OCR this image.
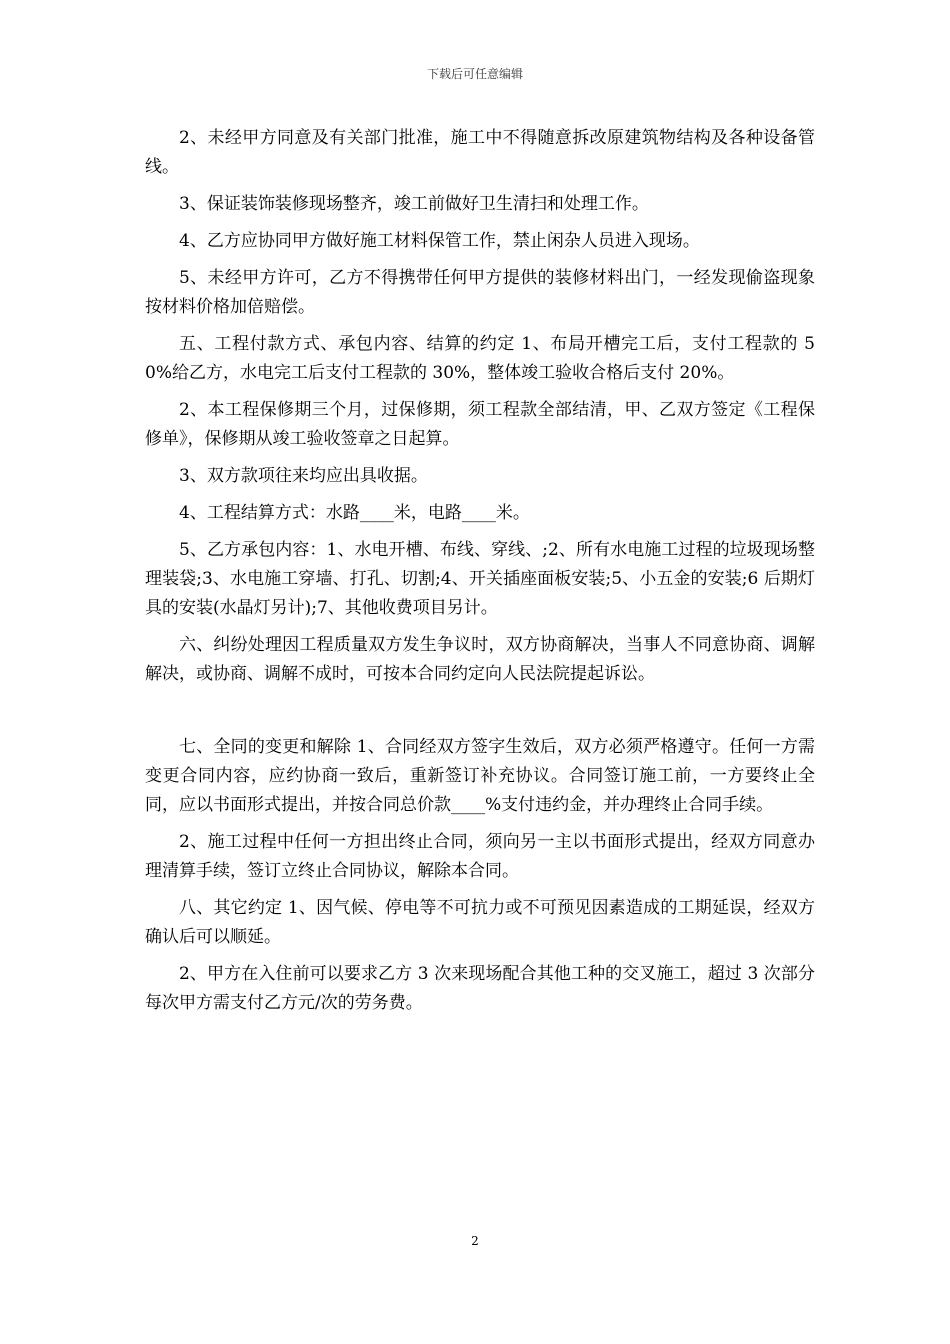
下载后可任意编辑

2、未经甲方同意及有关部门批准，施工中不得随意拆改原建筑物结构及各种设备管线。

3、保证装饰装修现场整齐，竣工前做好卫生清扫和处理工作。

4、乙方应协同甲方做好施工材料保管工作，禁止闲杂人员进入现场。

5、未经甲方许可，乙方不得携带任何甲方提供的装修材料出门，一经发现偷盗现象按材料价格加倍赔偿。

五、工程付款方式、承包内容、结算的约定 1、布局开槽完工后，支付工程款的 50%给乙方，水电完工后支付工程款的 30%，整体竣工验收合格后支付 20%。

2、本工程保修期三个月，过保修期，须工程款全部结清，甲、乙双方签定《工程保修单》，保修期从竣工验收签章之日起算。

3、双方款项往来均应出具收据。

4、工程结算方式：水路____米，电路____米。

5、乙方承包内容：1、水电开槽、布线、穿线、;2、所有水电施工过程的垃圾现场整理装袋;3、水电施工穿墙、打孔、切割;4、开关插座面板安装;5、小五金的安装;6 后期灯具的安装(水晶灯另计);7、其他收费项目另计。

六、纠纷处理因工程质量双方发生争议时，双方协商解决，当事人不同意协商、调解解决，或协商、调解不成时，可按本合同约定向人民法院提起诉讼。

七、全同的变更和解除 1、合同经双方签字生效后，双方必须严格遵守。任何一方需变更合同内容，应约协商一致后，重新签订补充协议。合同签订施工前，一方要终止全同，应以书面形式提出，并按合同总价款____%支付违约金，并办理终止合同手续。

2、施工过程中任何一方担出终止合同，须向另一主以书面形式提出，经双方同意办理清算手续，签订立终止合同协议，解除本合同。

八、其它约定 1、因气候、停电等不可抗力或不可预见因素造成的工期延误，经双方确认后可以顺延。

2、甲方在入住前可以要求乙方 3 次来现场配合其他工种的交叉施工，超过 3 次部分每次甲方需支付乙方元/次的劳务费。

2
